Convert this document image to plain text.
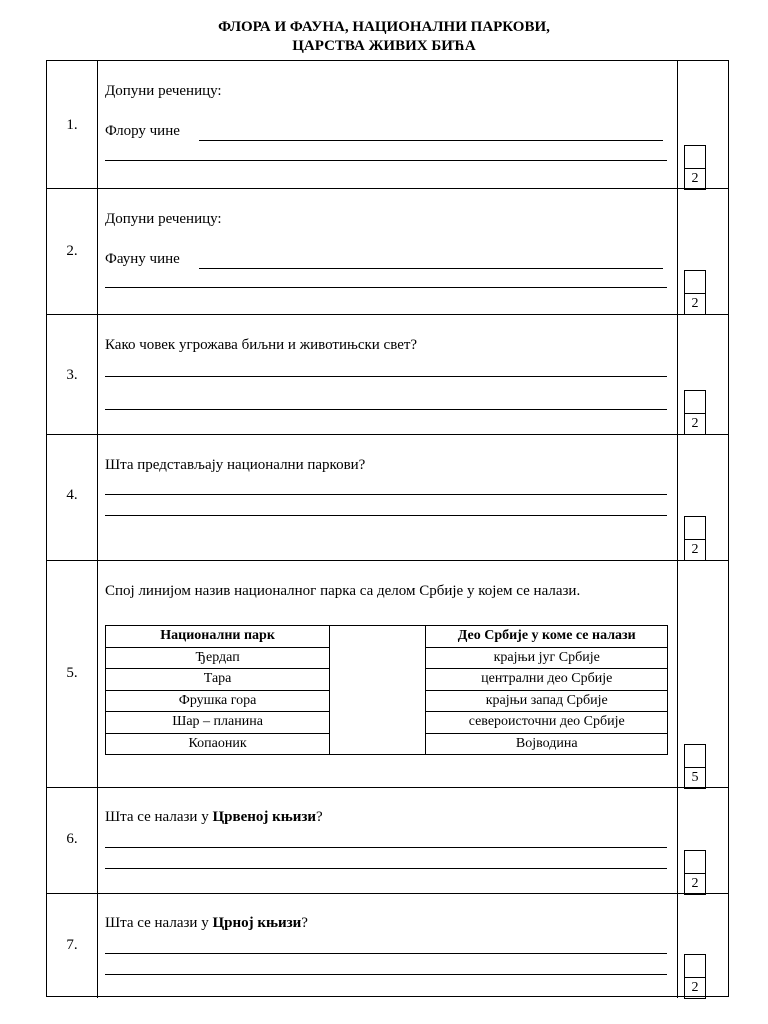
ФЛОРА И ФАУНА, НАЦИОНАЛНИ ПАРКОВИ,
ЦАРСТВА ЖИВИХ БИЋА
1.
Допуни реченицу:
Флору чине
2
2.
Допуни реченицу:
Фауну чине
2
3.
Како човек угрожава биљни и животињски свет?
2
4.
Шта представљају национални паркови?
2
5.
Спој линијом назив националног парка са делом Србије у којем се налази.
Национални парк		Део Србије у коме се налази
Ђердап		крајњи југ Србије
Тара		централни део Србије
Фрушка гора		крајњи запад Србије
Шар – планина		североисточни део Србије
Копаоник		Војводина
5
6.
Шта се налази у Црвеној књизи?
2
7.
Шта се налази у Црној књизи?
2
